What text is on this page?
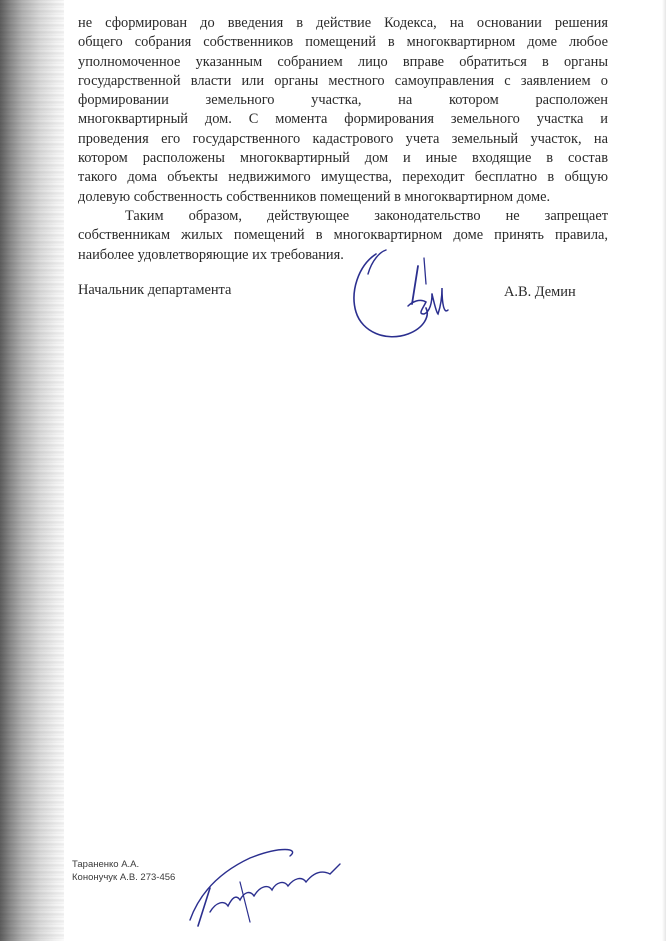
не сформирован до введения в действие Кодекса, на основании решения
общего собрания собственников помещений в многоквартирном доме любое
уполномоченное указанным собранием лицо вправе обратиться в органы
государственной власти или органы местного самоуправления с заявлением о
формировании земельного участка, на котором расположен
многоквартирный дом. С момента формирования земельного участка и
проведения его государственного кадастрового учета земельный участок, на
котором расположены многоквартирный дом и иные входящие в состав
такого дома объекты недвижимого имущества, переходит бесплатно в общую
долевую собственность собственников помещений в многоквартирном доме.
Таким образом, действующее законодательство не запрещает
собственникам жилых помещений в многоквартирном доме принять правила,
наиболее удовлетворяющие их требования.
Начальник департамента	А.В. Демин
Тараненко А.А.
Кононучук А.В. 273-456
